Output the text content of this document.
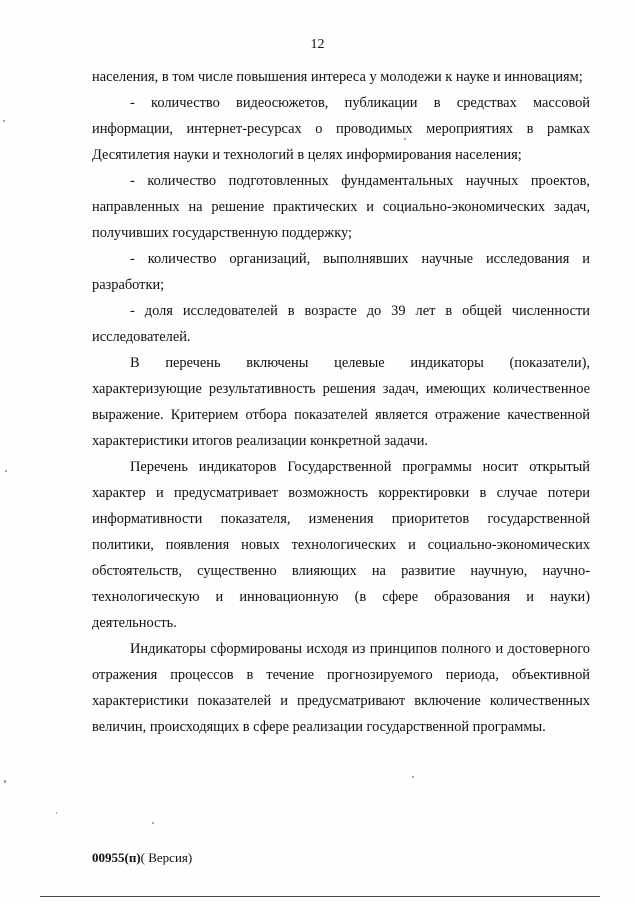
12

населения, в том числе повышения интереса у молодежи к науке и инновациям;

- количество видеосюжетов, публикации в средствах массовой информации, интернет-ресурсах о проводимых мероприятиях в рамках Десятилетия науки и технологий в целях информирования населения;

- количество подготовленных фундаментальных научных проектов, направленных на решение практических и социально-экономических задач, получивших государственную поддержку;

- количество организаций, выполнявших научные исследования и разработки;

- доля исследователей в возрасте до 39 лет в общей численности исследователей.

В перечень включены целевые индикаторы (показатели), характеризующие результативность решения задач, имеющих количественное выражение. Критерием отбора показателей является отражение качественной характеристики итогов реализации конкретной задачи.

Перечень индикаторов Государственной программы носит открытый характер и предусматривает возможность корректировки в случае потери информативности показателя, изменения приоритетов государственной политики, появления новых технологических и социально-экономических обстоятельств, существенно влияющих на развитие научную, научно-технологическую и инновационную (в сфере образования и науки) деятельность.

Индикаторы сформированы исходя из принципов полного и достоверного отражения процессов в течение прогнозируемого периода, объективной характеристики показателей и предусматривают включение количественных величин, происходящих в сфере реализации государственной программы.

00955(п)( Версия)
